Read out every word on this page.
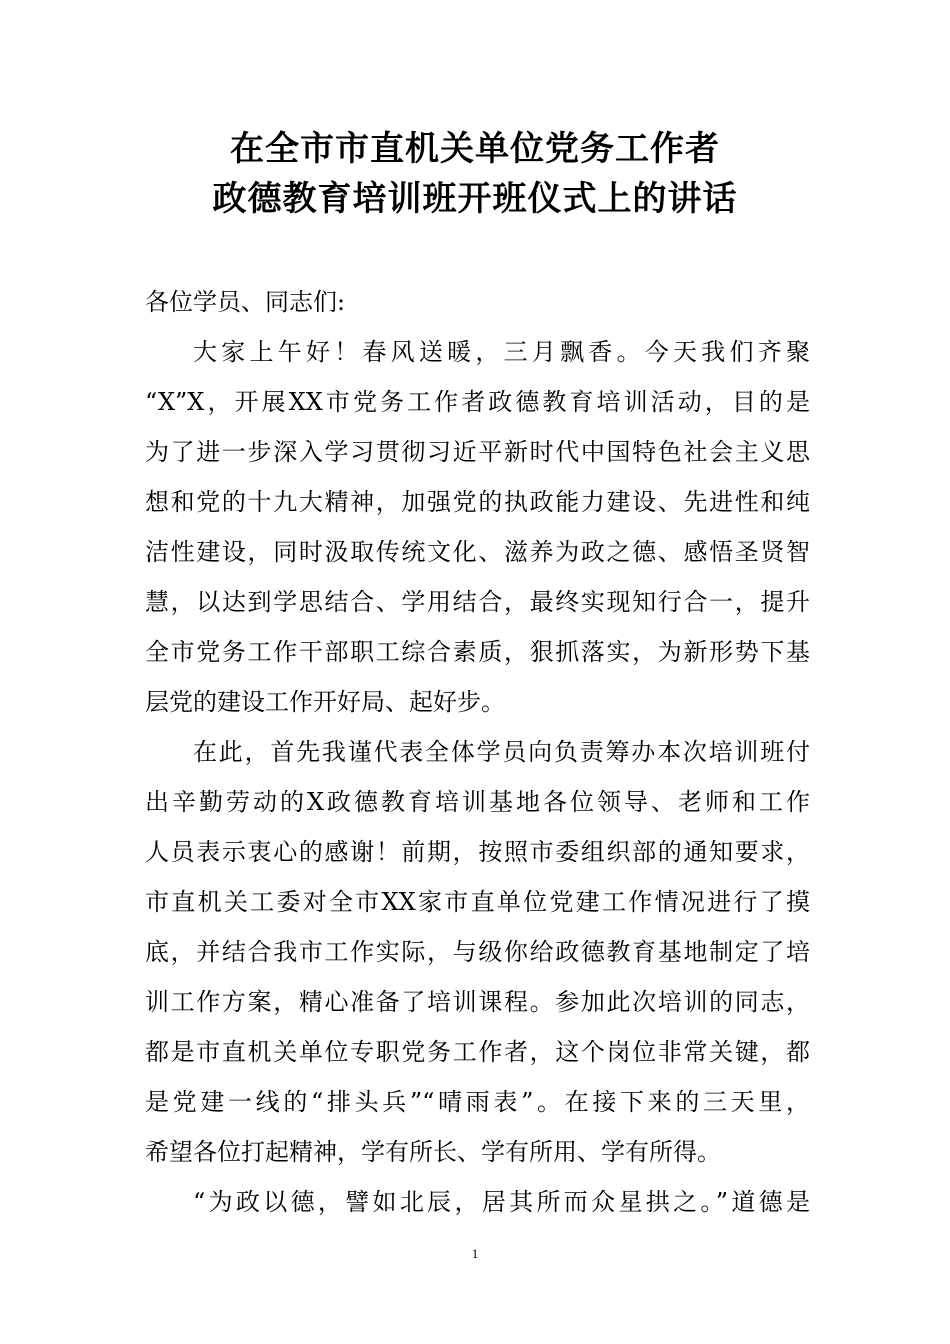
在全市市直机关单位党务工作者
政德教育培训班开班仪式上的讲话
各位学员、同志们:
大家上午好！春风送暖，三月飘香。今天我们齐聚
“X”X，开展XX市党务工作者政德教育培训活动，目的是
为了进一步深入学习贯彻习近平新时代中国特色社会主义思
想和党的十九大精神，加强党的执政能力建设、先进性和纯
洁性建设，同时汲取传统文化、滋养为政之德、感悟圣贤智
慧，以达到学思结合、学用结合，最终实现知行合一，提升
全市党务工作干部职工综合素质，狠抓落实，为新形势下基
层党的建设工作开好局、起好步。
在此，首先我谨代表全体学员向负责筹办本次培训班付
出辛勤劳动的X政德教育培训基地各位领导、老师和工作
人员表示衷心的感谢！前期，按照市委组织部的通知要求，
市直机关工委对全市XX家市直单位党建工作情况进行了摸
底，并结合我市工作实际，与级你给政德教育基地制定了培
训工作方案，精心准备了培训课程。参加此次培训的同志，
都是市直机关单位专职党务工作者，这个岗位非常关键，都
是党建一线的“排头兵”“晴雨表”。在接下来的三天里，
希望各位打起精神，学有所长、学有所用、学有所得。
“为政以德，譬如北辰，居其所而众星拱之。”道德是
1
